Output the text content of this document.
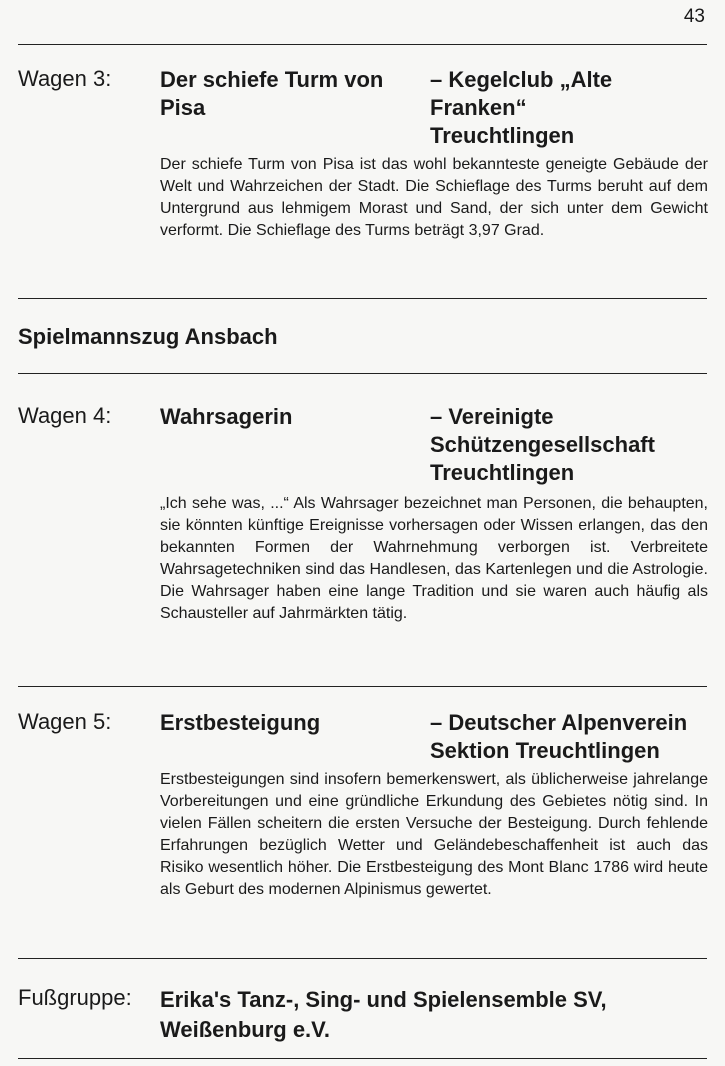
43
Wagen 3: Der schiefe Turm von Pisa
– Kegelclub „Alte Franken“ Treuchtlingen
Der schiefe Turm von Pisa ist das wohl bekannteste geneigte Gebäude der Welt und Wahrzeichen der Stadt. Die Schieflage des Turms beruht auf dem Untergrund aus lehmigem Morast und Sand, der sich unter dem Gewicht verformt. Die Schieflage des Turms beträgt 3,97 Grad.
Spielmannszug Ansbach
Wagen 4: Wahrsagerin	– Vereinigte Schützengesellschaft Treuchtlingen
„Ich sehe was, ...“ Als Wahrsager bezeichnet man Personen, die behaupten, sie könnten künftige Ereignisse vorhersagen oder Wissen erlangen, das den bekannten Formen der Wahrnehmung verborgen ist. Verbreitete Wahrsagetechniken sind das Handlesen, das Kartenlegen und die Astrologie. Die Wahrsager haben eine lange Tradition und sie waren auch häufig als Schausteller auf Jahrmärkten tätig.
Wagen 5: Erstbesteigung	– Deutscher Alpenverein Sektion Treuchtlingen
Erstbesteigungen sind insofern bemerkenswert, als üblicherweise jahrelange Vorbereitungen und eine gründliche Erkundung des Gebietes nötig sind. In vielen Fällen scheitern die ersten Versuche der Besteigung. Durch fehlende Erfahrungen bezüglich Wetter und Geländebeschaffenheit ist auch das Risiko wesentlich höher. Die Erstbesteigung des Mont Blanc 1786 wird heute als Geburt des modernen Alpinismus gewertet.
Fußgruppe: Erika's Tanz-, Sing- und Spielensemble SV, Weißenburg e.V.
